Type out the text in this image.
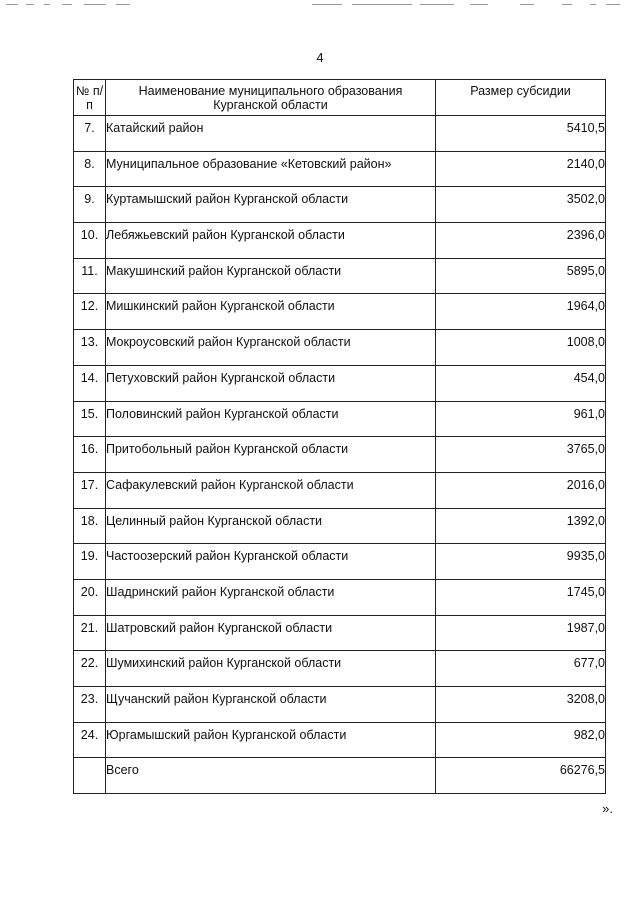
4
№ п/п	Наименование муниципального образования Курганской области	Размер субсидии
7.	Катайский район	5410,5
8.	Муниципальное образование «Кетовский район»	2140,0
9.	Куртамышский район Курганской области	3502,0
10.	Лебяжьевский район Курганской области	2396,0
11.	Макушинский район Курганской области	5895,0
12.	Мишкинский район Курганской области	1964,0
13.	Мокроусовский район Курганской области	1008,0
14.	Петуховский район Курганской области	454,0
15.	Половинский район Курганской области	961,0
16.	Притобольный район Курганской области	3765,0
17.	Сафакулевский район Курганской области	2016,0
18.	Целинный район Курганской области	1392,0
19.	Частоозерский район Курганской области	9935,0
20.	Шадринский район Курганской области	1745,0
21.	Шатровский район Курганской области	1987,0
22.	Шумихинский район Курганской области	677,0
23.	Щучанский район Курганской области	3208,0
24.	Юргамышский район Курганской области	982,0
	Всего	66276,5
».
